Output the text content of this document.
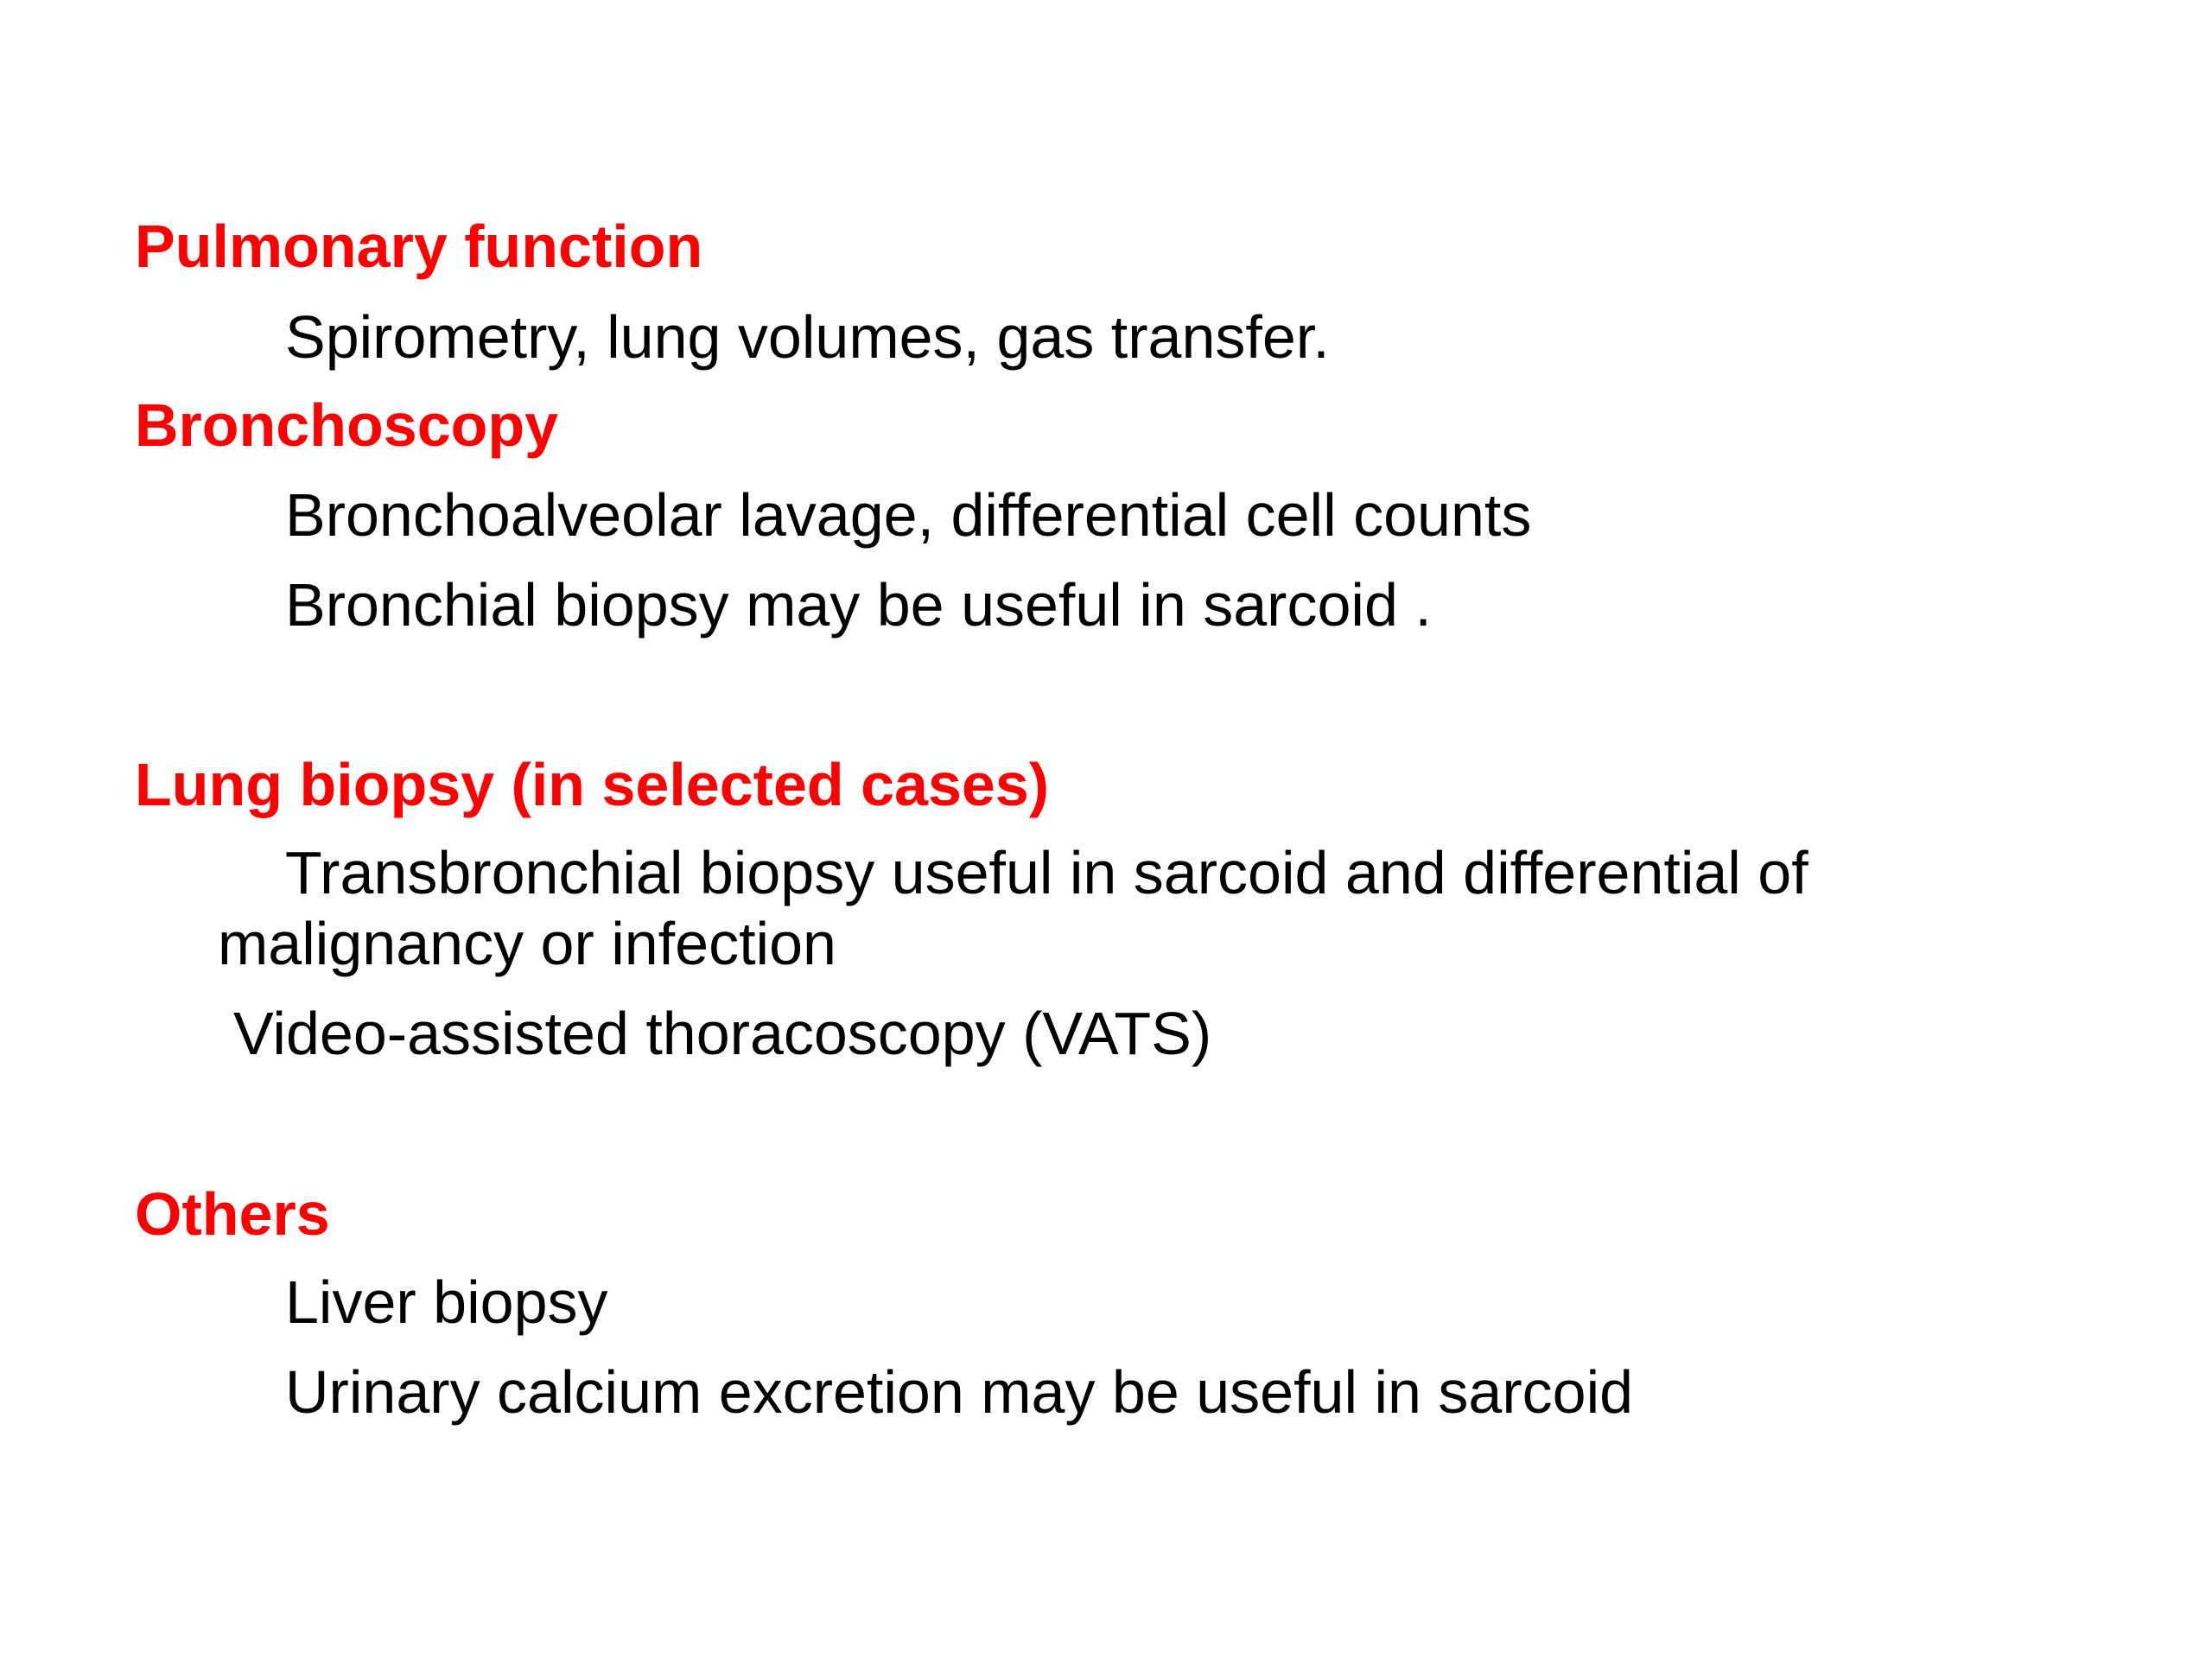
Pulmonary function
Spirometry, lung volumes, gas transfer.
Bronchoscopy
Bronchoalveolar lavage, differential cell counts
Bronchial biopsy may be useful in sarcoid .
Lung biopsy (in selected cases)
Transbronchial biopsy useful in sarcoid and differential of
malignancy or infection
Video-assisted thoracoscopy (VATS)
Others
Liver biopsy
Urinary calcium excretion may be useful in sarcoid
